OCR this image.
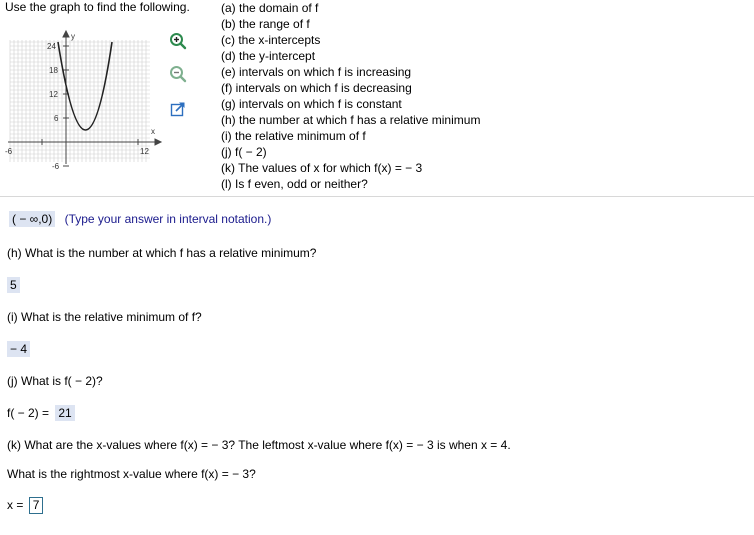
Use the graph to find the following.	(a) the domain of f
(b) the range of f
(c) the x-intercepts
(d) the y-intercept
(e) intervals on which f is increasing
(f) intervals on which f is decreasing
(g) intervals on which f is constant
(h) the number at which f has a relative minimum
(i) the relative minimum of f
(j) f( − 2)
(k) The values of x for which f(x) = − 3
(l) Is f even, odd or neither?
y
x
24
18
12
6
-6
-6	12
( − ∞,0) (Type your answer in interval notation.)
(h) What is the number at which f has a relative minimum?
5
(i) What is the relative minimum of f?
− 4
(j) What is f( − 2)?
f( − 2) = 21
(k) What are the x-values where f(x) = − 3? The leftmost x-value where f(x) = − 3 is when x = 4.
What is the rightmost x-value where f(x) = − 3?
x = 7
